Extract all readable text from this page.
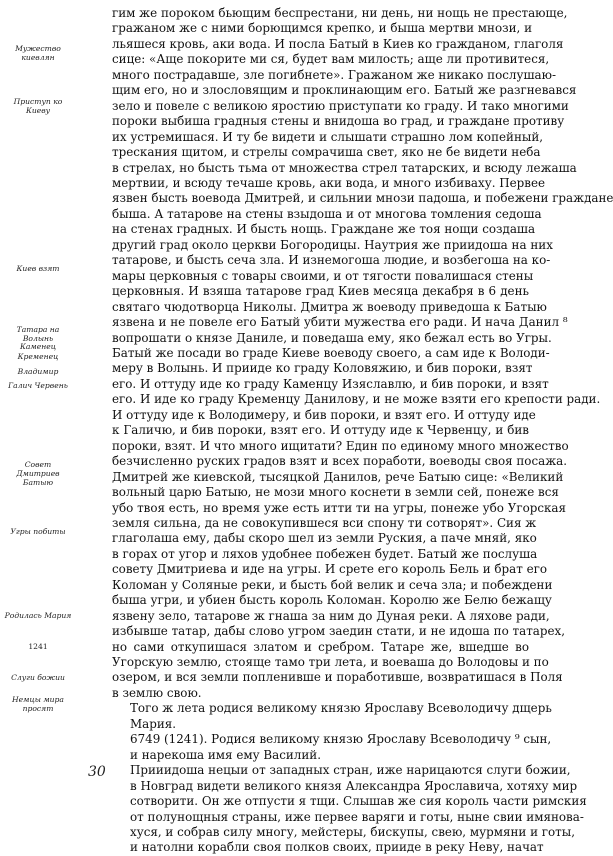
гим же пороком бьющим беспрестани, ни день, ни нощь не престающе,
гражаном же с ними борющимся крепко, и быша мертви мнози, и
льяшеся кровь, аки вода. И посла Батый в Киев ко гражданом, глаголя
сице: «Аще покорите ми ся, будет вам милость; аще ли противитеся,
много пострадавше, зле погибнете». Гражаном же никако послушаю-
щим его, но и злословящим и проклинающим его. Батый же разгневався
зело и повеле с великою яростию приступати ко граду. И тако многими
пороки выбиша градныя стены и внидоша во град, и граждане противу
их устремишася. И ту бе видети и слышати страшно лом копейный,
трескания щитом, и стрелы сомрачиша свет, яко не бе видети неба
в стрелах, но бысть тьма от множества стрел татарских, и всюду лежаша
мертвии, и всюду течаше кровь, аки вода, и много избиваху. Первее
язвен бысть воевода Дмитрей, и сильнии мнози падоша, и побежени граждане
быша. А татарове на стены взыдоша и от многова томления седоша
на стенах градных. И бысть нощь. Граждане же тоя нощи создаша
другий град около церкви Богородицы. Наутрия же приидоша на них
татарове, и бысть сеча зла. И изнемогоша людие, и возбегоша на ко-
мары церковныя с товары своими, и от тягости повалишася стены
церковныя. И взяша татарове град Киев месяца декабря в 6 день
святаго чюдотворца Николы. Дмитра ж воеводу приведоша к Батыю
язвена и не повеле его Батый убити мужества его ради. И нача Данил ⁸
вопрошати о князе Даниле, и поведаша ему, яко бежал есть во Угры.
Батый же посади во граде Киеве воеводу своего, а сам иде к Володи-
меру в Волынь. И прииде ко граду Коловяжию, и бив пороки, взят
его. И оттуду иде ко граду Каменцу Изяславлю, и бив пороки, и взят
его. И иде ко граду Кременцу Данилову, и не може взяти его крепости ради.
И оттуду иде к Володимеру, и бив пороки, и взят его. И оттуду иде
к Галичю, и бив пороки, взят его. И оттуду иде к Червенцу, и бив
пороки, взят. И что много ищитати? Един по единому много множество
безчисленно руских градов взят и всех поработи, воеводы своя посажа.
Дмитрей же киевской, тысяцкой Данилов, рече Батыю сице: «Великий
вольный царю Батыю, не мози много коснети в земли сей, понеже вся
убо твоя есть, но время уже есть итти ти на угры, понеже убо Угорская
земля сильна, да не совокупившеся вси спону ти сотворят». Сия ж
глаголаша ему, дабы скоро шел из земли Руския, а паче мняй, яко
в горах от угор и ляхов удобнее побежен будет. Батый же послуша
совету Дмитриева и иде на угры. И срете его король Бель и брат его
Коломан у Соляные реки, и бысть бой велик и сеча зла; и побеждени
быша угри, и убиен бысть король Коломан. Королю же Белю бежащу
язвену зело, татарове ж гнаша за ним до Дуная реки. А ляхове ради,
избывше татар, дабы слово угром заедин стати, и не идоша по татарех,
но сами откупишася златом и сребром. Татаре же, вшедше во
Угорскую землю, стояще тамо три лета, и воеваша до Володовы и по
озером, и вся земли попленивше и поработивше, возвратишася в Поля
в землю свою.
Того ж лета родися великому князю Ярославу Всеволодичу дщерь
Мария.
6749 (1241). Родися великому князю Ярославу Всеволодичу ⁹ сын,
и нарекоша имя ему Василий.
Прииидоша нецыи от западных стран, иже нарицаются слуги божии,
в Новград видети великого князя Александра Ярославича, хотяху мир
сотворити. Он же отпусти я тщи. Слышав же сия король части римския
от полунощныя страны, иже первее варяги и готы, ныне свии имянова-
хуся, и собрав силу многу, мейстеры, бискупы, свею, мурмяни и готы,
и натолни корабли своя полков своих, прииде в реку Неву, начат
Мужество киевлян
Приступ ко Киеву
Киев взят
Татара на Волынь
Каменец
Кременец
Владимир
Галич Червень
Совет Дмитриев Батыю
Угры побиты
Родилась Мария
1241
Слуги божии
Немцы мира просят
30
